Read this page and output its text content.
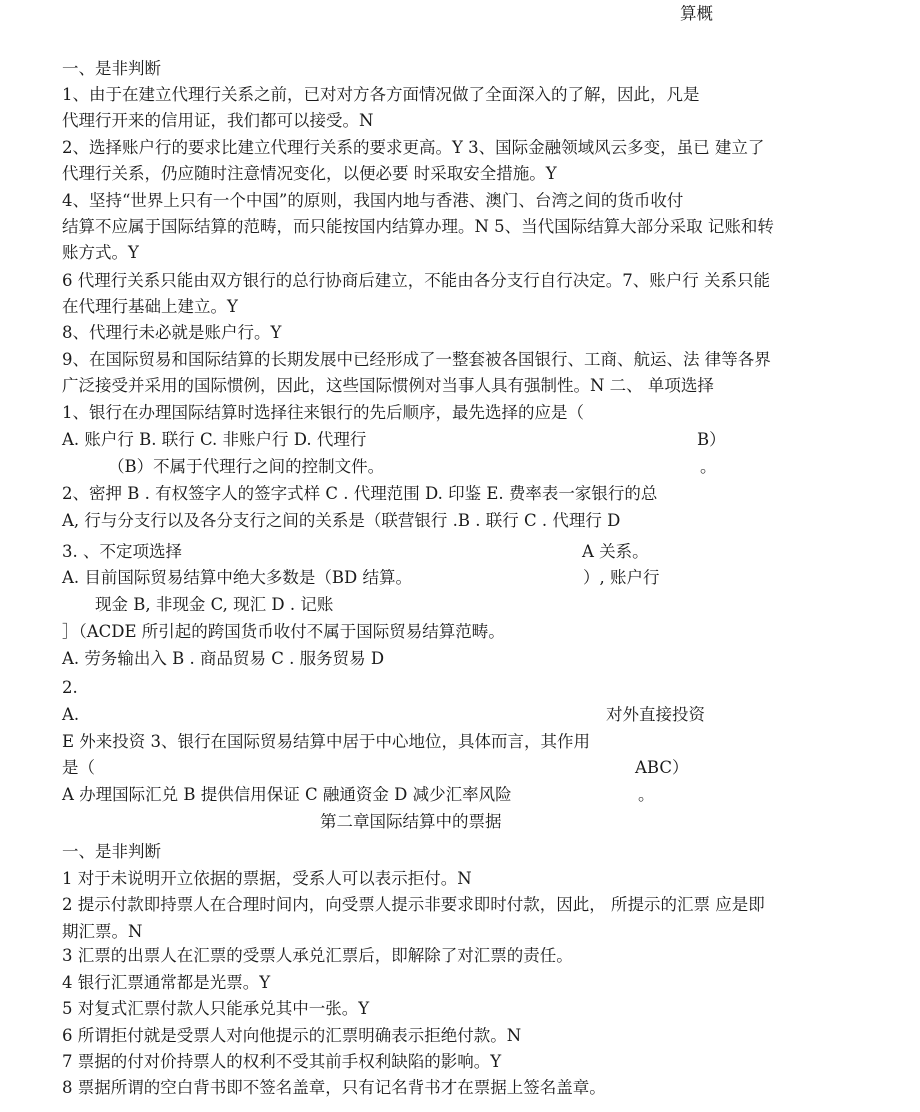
算概
一、是非判断
1、由于在建立代理行关系之前，已对对方各方面情况做了全面深入的了解，因此，凡是
代理行开来的信用证，我们都可以接受。N
2、选择账户行的要求比建立代理行关系的要求更高。Y 3、国际金融领域风云多变，虽已 建立了
代理行关系，仍应随时注意情况变化，以便必要 时采取安全措施。Y
4、坚持“世界上只有一个中国”的原则，我国内地与香港、澳门、台湾之间的货币收付
结算不应属于国际结算的范畴，而只能按国内结算办理。N 5、当代国际结算大部分采取 记账和转
账方式。Y
6 代理行关系只能由双方银行的总行协商后建立，不能由各分支行自行决定。7、账户行 关系只能
在代理行基础上建立。Y
8、代理行未必就是账户行。Y
9、在国际贸易和国际结算的长期发展中已经形成了一整套被各国银行、工商、航运、法 律等各界
广泛接受并采用的国际惯例，因此，这些国际惯例对当事人具有强制性。N 二、 单项选择
1、银行在办理国际结算时选择往来银行的先后顺序，最先选择的应是（
A. 账户行 B. 联行 C. 非账户行 D. 代理行	B）
（B）不属于代理行之间的控制文件。	。
2、密押 B . 有权签字人的签字式样 C . 代理范围 D. 印鉴 E. 费率表一家银行的总
A, 行与分支行以及各分支行之间的关系是（联营银行 .B . 联行 C . 代理行 D
3. 、不定项选择	A 关系。
A. 目前国际贸易结算中绝大多数是（BD 结算。	）, 账户行
现金 B, 非现金 C, 现汇 D . 记账
］（ACDE 所引起的跨国货币收付不属于国际贸易结算范畴。
A. 劳务输出入 B . 商品贸易 C . 服务贸易 D
2.
A.	对外直接投资
E 外来投资 3、银行在国际贸易结算中居于中心地位，具体而言，其作用
是（	ABC）
A 办理国际汇兑 B 提供信用保证 C 融通资金 D 减少汇率风险	。
第二章国际结算中的票据
一、是非判断
1 对于未说明开立依据的票据，受系人可以表示拒付。N
2 提示付款即持票人在合理时间内，向受票人提示非要求即时付款，因此， 所提示的汇票 应是即
期汇票。N
3 汇票的出票人在汇票的受票人承兑汇票后，即解除了对汇票的责任。
4 银行汇票通常都是光票。Y
5 对复式汇票付款人只能承兑其中一张。Y
6 所谓拒付就是受票人对向他提示的汇票明确表示拒绝付款。N
7 票据的付对价持票人的权利不受其前手权利缺陷的影响。Y
8 票据所谓的空白背书即不签名盖章，只有记名背书才在票据上签名盖章。
